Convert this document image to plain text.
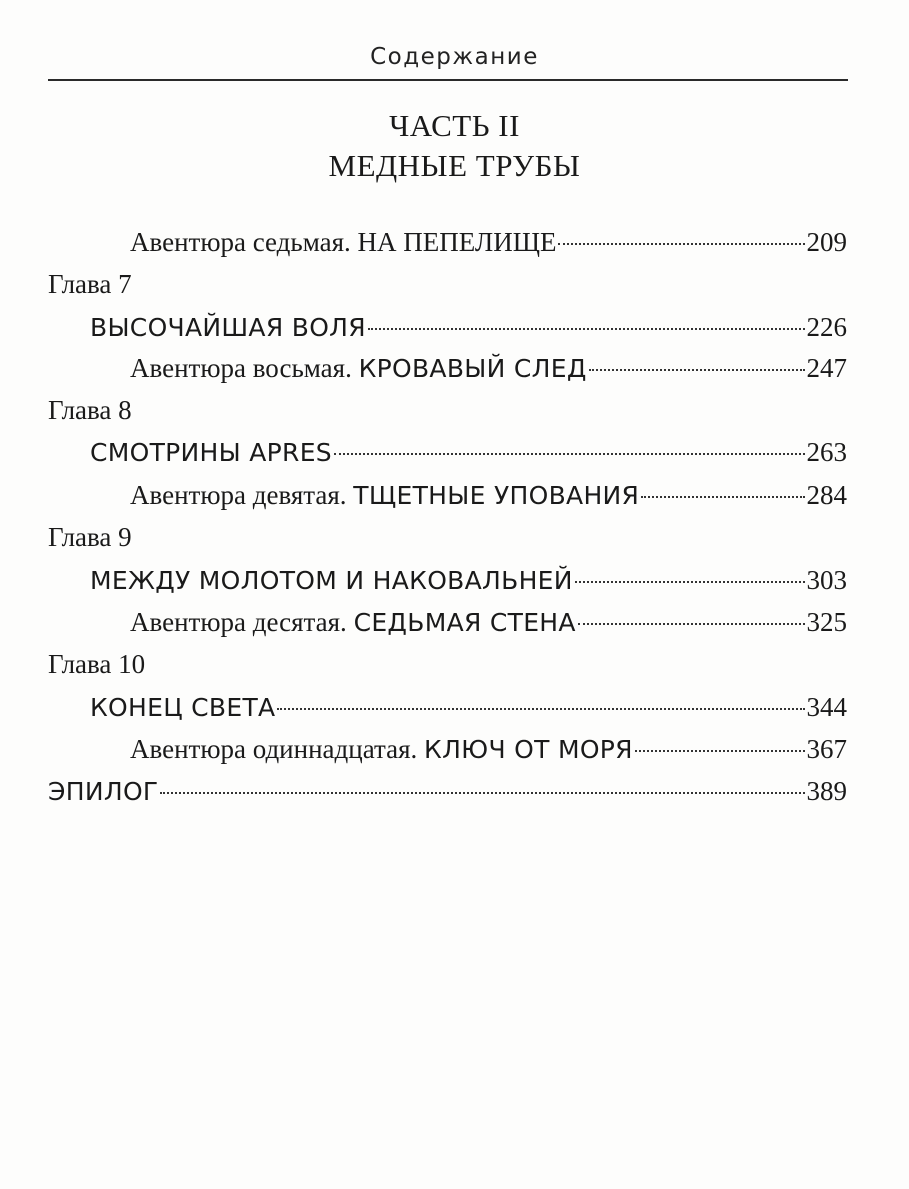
Содержание
ЧАСТЬ II
МЕДНЫЕ ТРУБЫ
Авентюра седьмая. НА ПЕПЕЛИЩЕ	209
Глава 7
ВЫСОЧАЙШАЯ ВОЛЯ	226
Авентюра восьмая. КРОВАВЫЙ СЛЕД	247
Глава 8
СМОТРИНЫ APRES	263
Авентюра девятая. ТЩЕТНЫЕ УПОВАНИЯ	284
Глава 9
МЕЖДУ МОЛОТОМ И НАКОВАЛЬНЕЙ	303
Авентюра десятая. СЕДЬМАЯ СТЕНА	325
Глава 10
КОНЕЦ СВЕТА	344
Авентюра одиннадцатая. КЛЮЧ ОТ МОРЯ	367
ЭПИЛОГ	389
